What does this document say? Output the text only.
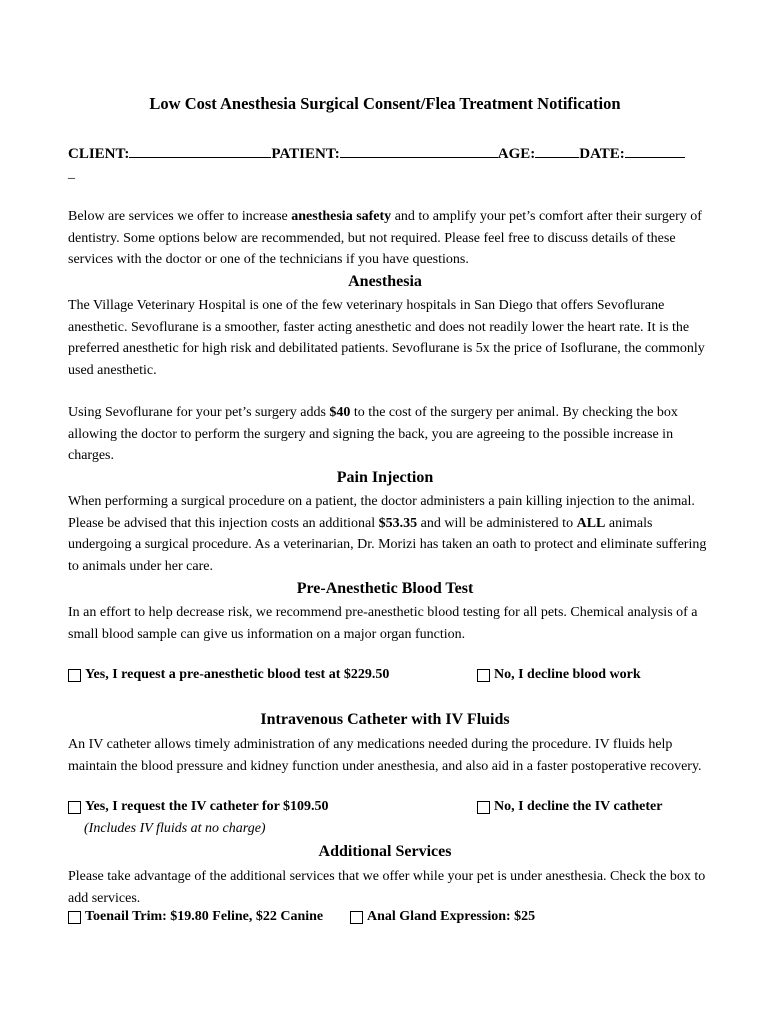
Low Cost Anesthesia Surgical Consent/Flea Treatment Notification
CLIENT:	PATIENT:	AGE:	DATE:
_
Below are services we offer to increase anesthesia safety and to amplify your pet’s comfort after their surgery of dentistry. Some options below are recommended, but not required. Please feel free to discuss details of these services with the doctor or one of the technicians if you have questions.
Anesthesia
The Village Veterinary Hospital is one of the few veterinary hospitals in San Diego that offers Sevoflurane anesthetic. Sevoflurane is a smoother, faster acting anesthetic and does not readily lower the heart rate. It is the preferred anesthetic for high risk and debilitated patients. Sevoflurane is 5x the price of Isoflurane, the commonly used anesthetic.
Using Sevoflurane for your pet’s surgery adds $40 to the cost of the surgery per animal. By checking the box allowing the doctor to perform the surgery and signing the back, you are agreeing to the possible increase in charges.
Pain Injection
When performing a surgical procedure on a patient, the doctor administers a pain killing injection to the animal. Please be advised that this injection costs an additional $53.35 and will be administered to ALL animals undergoing a surgical procedure. As a veterinarian, Dr. Morizi has taken an oath to protect and eliminate suffering to animals under her care.
Pre-Anesthetic Blood Test
In an effort to help decrease risk, we recommend pre-anesthetic blood testing for all pets. Chemical analysis of a small blood sample can give us information on a major organ function.
Yes, I request a pre-anesthetic blood test at $229.50	No, I decline blood work
Intravenous Catheter with IV Fluids
An IV catheter allows timely administration of any medications needed during the procedure. IV fluids help maintain the blood pressure and kidney function under anesthesia, and also aid in a faster postoperative recovery.
Yes, I request the IV catheter for $109.50	No, I decline the IV catheter
(Includes IV fluids at no charge)
Additional Services
Please take advantage of the additional services that we offer while your pet is under anesthesia. Check the box to add services.
Toenail Trim: $19.80 Feline, $22 Canine	Anal Gland Expression: $25
